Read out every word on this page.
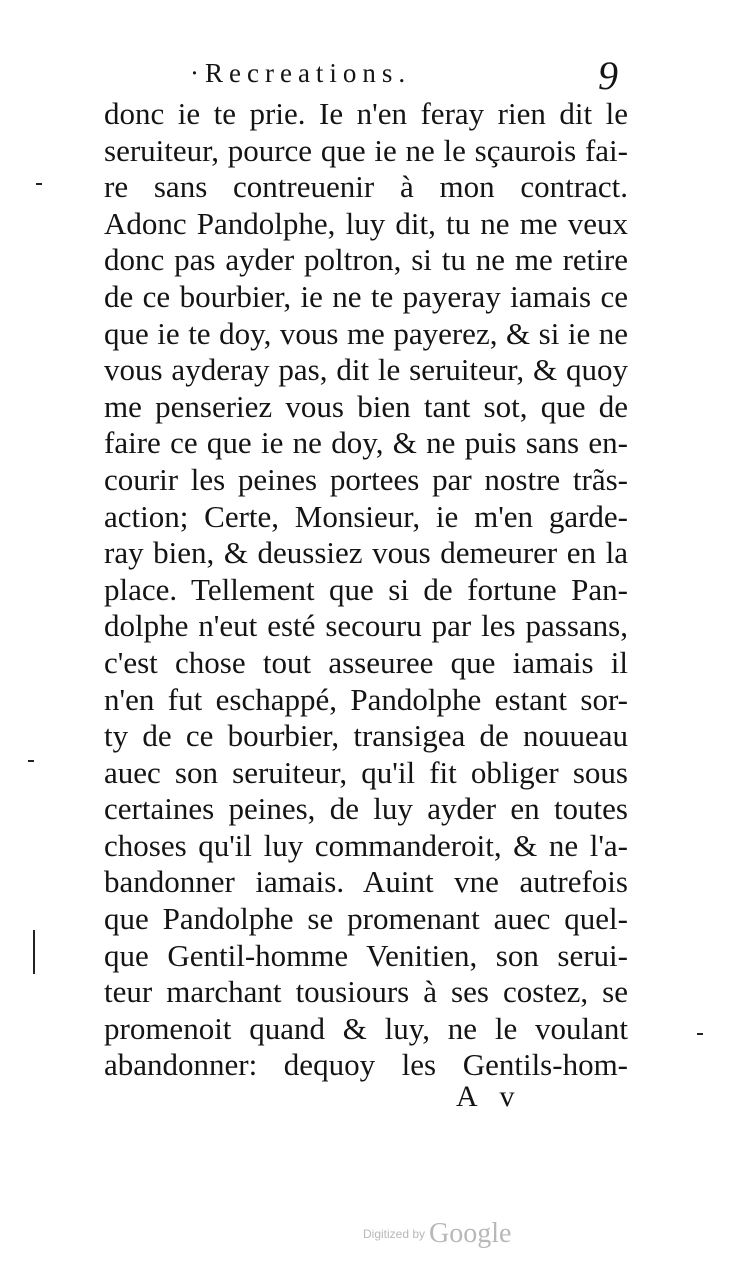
·Recreations.	9
donc ie te prie. Ie n'en feray rien dit le
seruiteur, pource que ie ne le sçaurois fai-
re sans contreuenir à mon contract.
Adonc Pandolphe, luy dit, tu ne me veux
donc pas ayder poltron, si tu ne me retire
de ce bourbier, ie ne te payeray iamais ce
que ie te doy, vous me payerez, & si ie ne
vous ayderay pas, dit le seruiteur, & quoy
me penseriez vous bien tant sot, que de
faire ce que ie ne doy, & ne puis sans en-
courir les peines portees par nostre trãs-
action; Certe, Monsieur, ie m'en garde-
ray bien, & deussiez vous demeurer en la
place. Tellement que si de fortune Pan-
dolphe n'eut esté secouru par les passans,
c'est chose tout asseuree que iamais il
n'en fut eschappé, Pandolphe estant sor-
ty de ce bourbier, transigea de nouueau
auec son seruiteur, qu'il fit obliger sous
certaines peines, de luy ayder en toutes
choses qu'il luy commanderoit, & ne l'a-
bandonner iamais. Auint vne autrefois
que Pandolphe se promenant auec quel-
que Gentil-homme Venitien, son serui-
teur marchant tousiours à ses costez, se
promenoit quand & luy, ne le voulant
abandonner: dequoy les Gentils-hom-
A v
$^{Digitized by}$ Google
